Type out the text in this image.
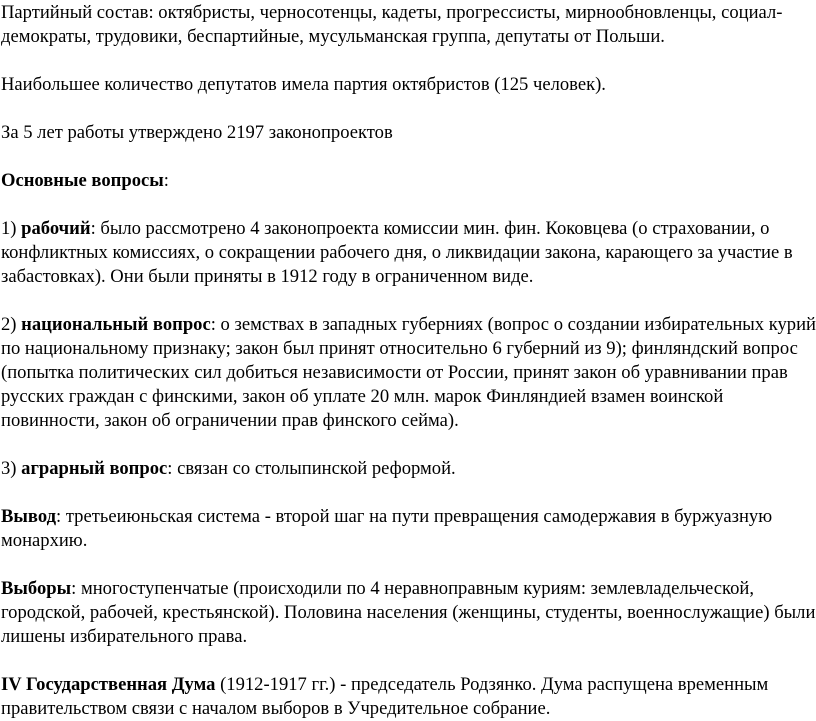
Партийный состав: октябристы, черносотенцы, кадеты, прогрессисты, мирнообновленцы, социал-демократы, трудовики, беспартийные, мусульманская группа, депутаты от Польши.

Наибольшее количество депутатов имела партия октябристов (125 человек).

За 5 лет работы утверждено 2197 законопроектов

Основные вопросы:

1) рабочий: было рассмотрено 4 законопроекта комиссии мин. фин. Коковцева (о страховании, о конфликтных комиссиях, о сокращении рабочего дня, о ликвидации закона, карающего за участие в забастовках). Они были приняты в 1912 году в ограниченном виде.

2) национальный вопрос: о земствах в западных губерниях (вопрос о создании избирательных курий по национальному признаку; закон был принят относительно 6 губерний из 9); финляндский вопрос (попытка политических сил добиться независимости от России, принят закон об уравнивании прав русских граждан с финскими, закон об уплате 20 млн. марок Финляндией взамен воинской повинности, закон об ограничении прав финского сейма).

3) аграрный вопрос: связан со столыпинской реформой.

Вывод: третьеиюньская система - второй шаг на пути превращения самодержавия в буржуазную монархию.

Выборы: многоступенчатые (происходили по 4 неравноправным куриям: землевладельческой, городской, рабочей, крестьянской). Половина населения (женщины, студенты, военнослужащие) были лишены избирательного права.

IV Государственная Дума (1912-1917 гг.) - председатель Родзянко. Дума распущена временным правительством связи с началом выборов в Учредительное собрание.
